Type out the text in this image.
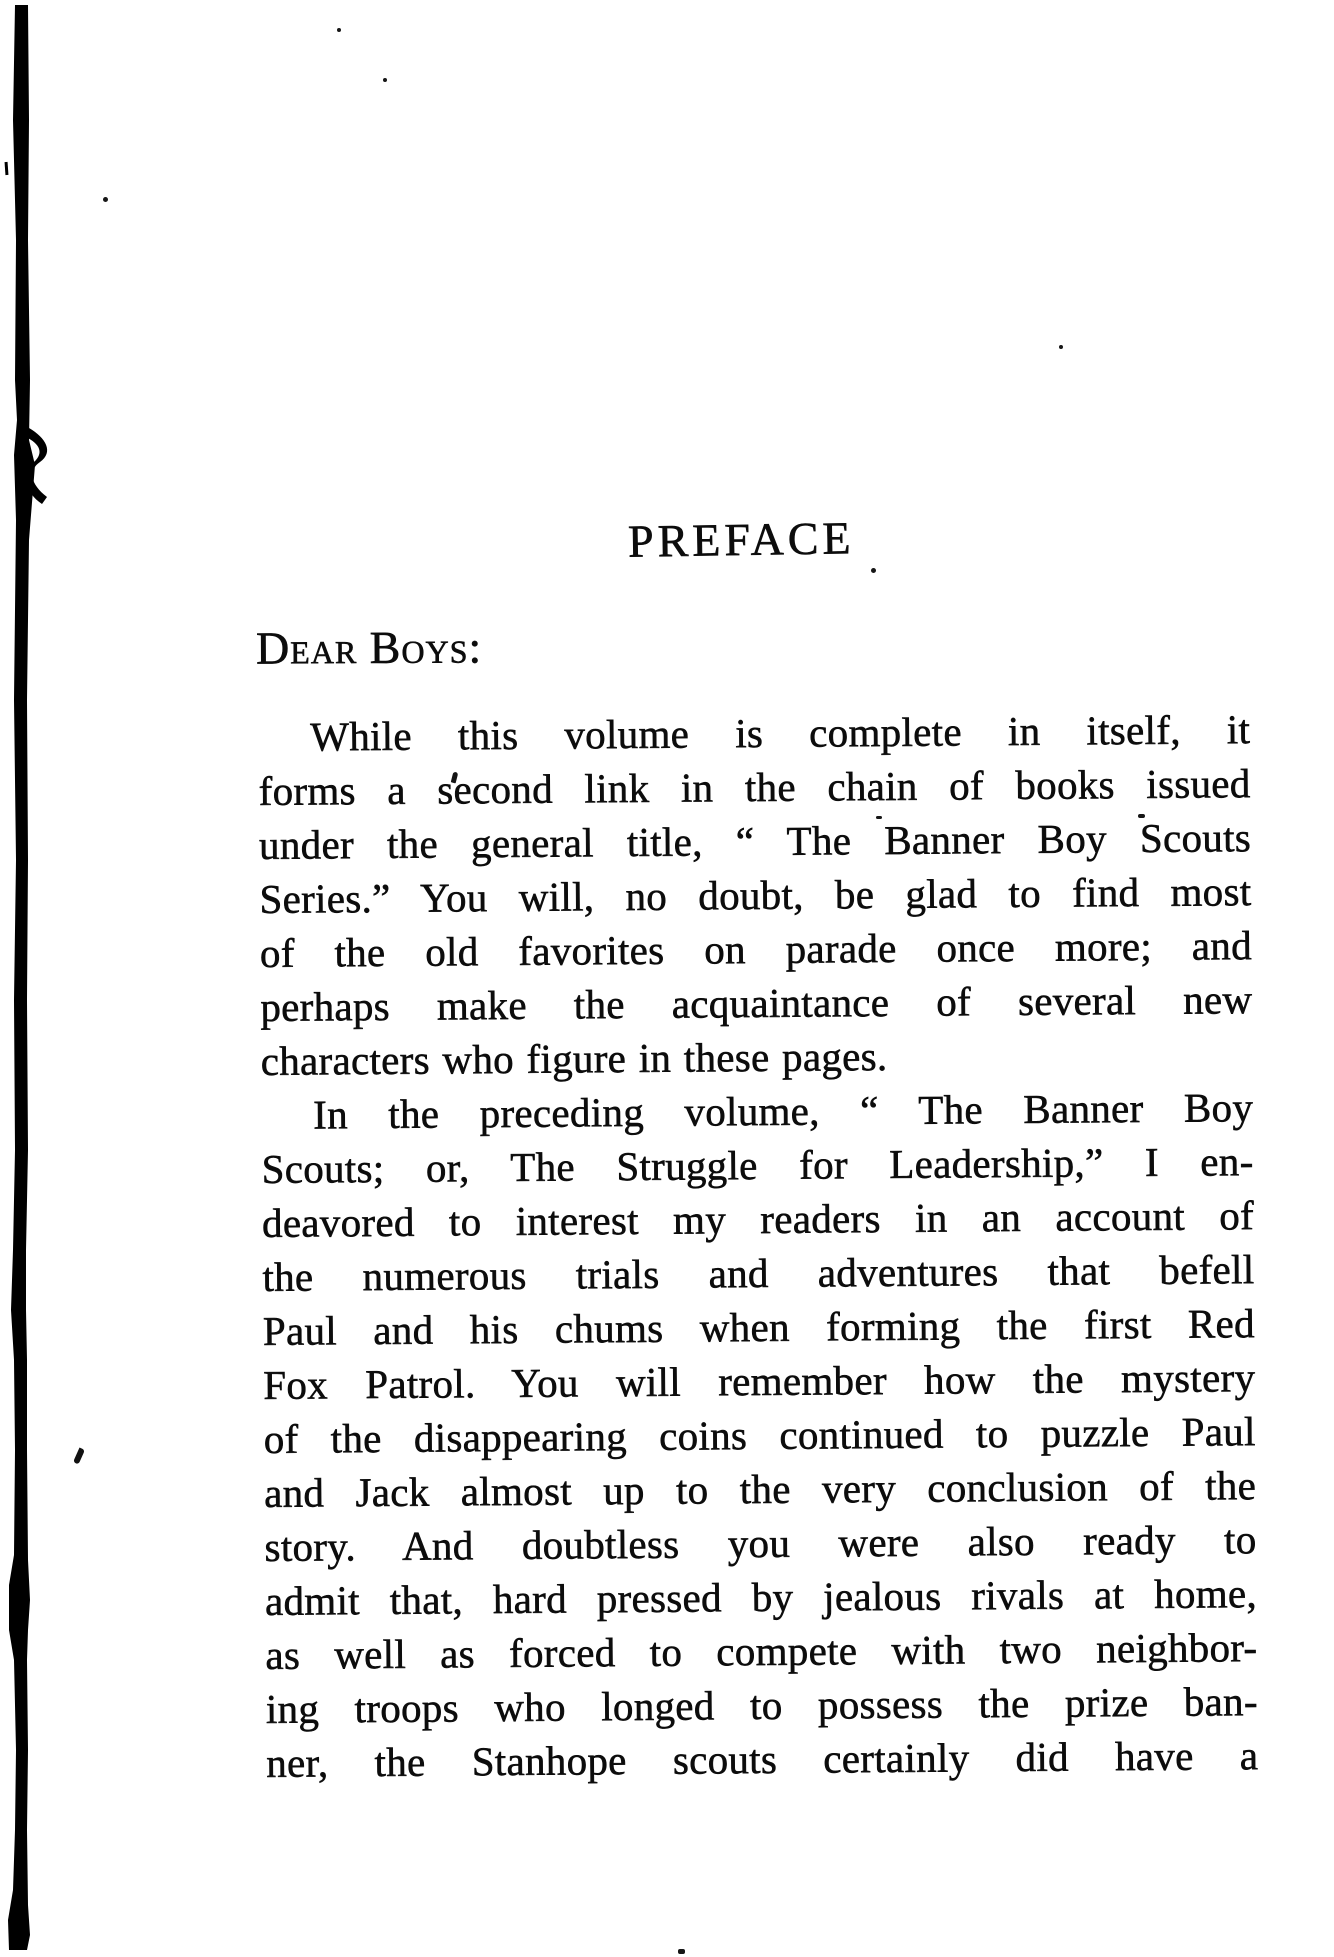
PREFACE
Dear Boys:
While this volume is complete in itself, it
forms a second link in the chain of books issued
under the general title, “ The Banner Boy Scouts
Series.” You will, no doubt, be glad to find most
of the old favorites on parade once more; and
perhaps make the acquaintance of several new
characters who figure in these pages.
In the preceding volume, “ The Banner Boy
Scouts; or, The Struggle for Leadership,” I en-
deavored to interest my readers in an account of
the numerous trials and adventures that befell
Paul and his chums when forming the first Red
Fox Patrol. You will remember how the mystery
of the disappearing coins continued to puzzle Paul
and Jack almost up to the very conclusion of the
story. And doubtless you were also ready to
admit that, hard pressed by jealous rivals at home,
as well as forced to compete with two neighbor-
ing troops who longed to possess the prize ban-
ner, the Stanhope scouts certainly did have a
